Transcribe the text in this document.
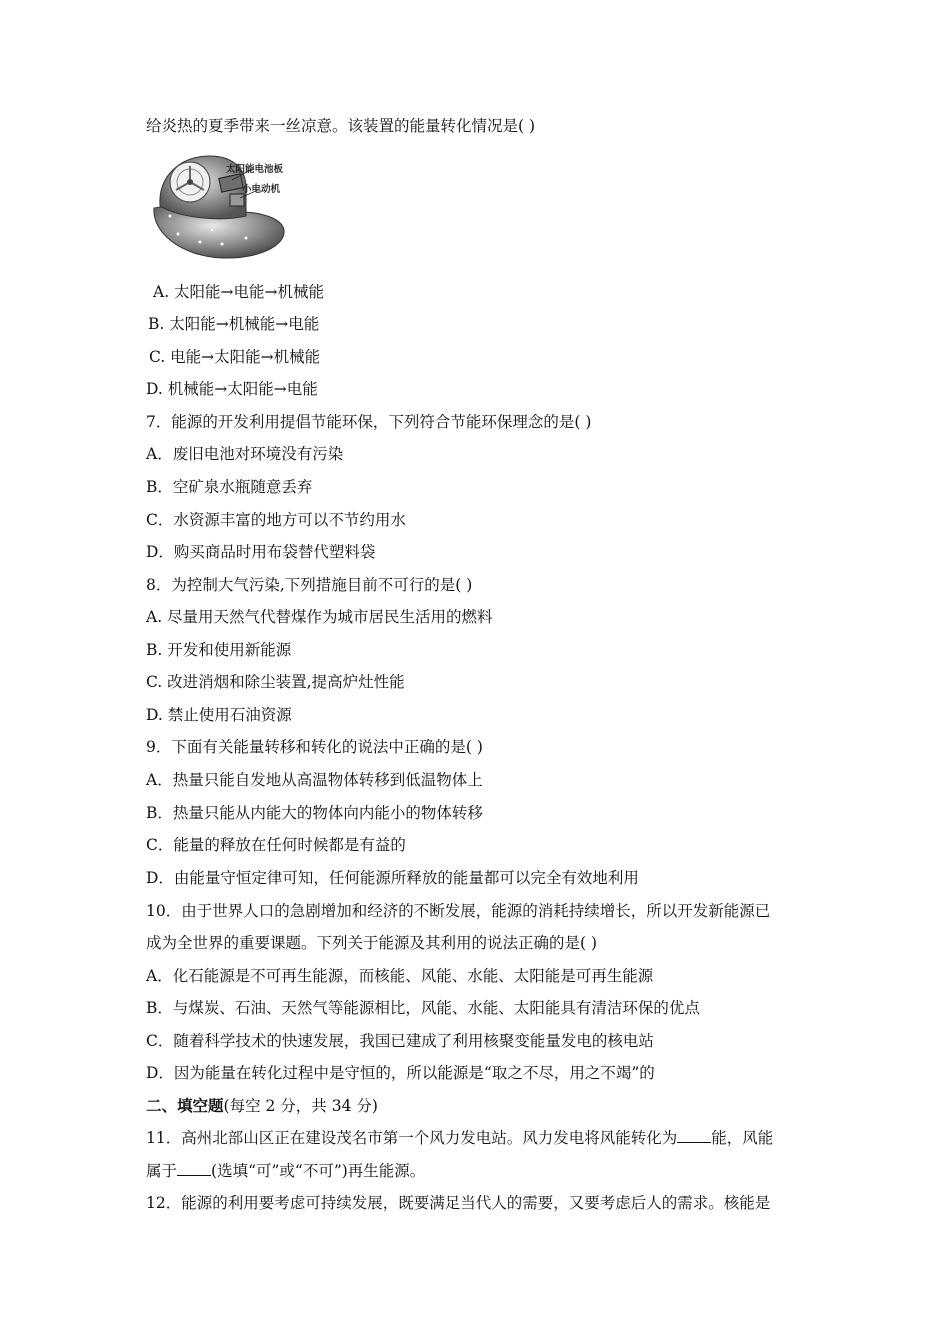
给炎热的夏季带来一丝凉意。该装置的能量转化情况是( )
太阳能电池板
小电动机
A. 太阳能→电能→机械能
B. 太阳能→机械能→电能
C. 电能→太阳能→机械能
D. 机械能→太阳能→电能
7．能源的开发利用提倡节能环保，下列符合节能环保理念的是( )
A．废旧电池对环境没有污染
B．空矿泉水瓶随意丢弃
C．水资源丰富的地方可以不节约用水
D．购买商品时用布袋替代塑料袋
8．为控制大气污染,下列措施目前不可行的是( )
A. 尽量用天然气代替煤作为城市居民生活用的燃料
B. 开发和使用新能源
C. 改进消烟和除尘装置,提高炉灶性能
D. 禁止使用石油资源
9．下面有关能量转移和转化的说法中正确的是( )
A．热量只能自发地从高温物体转移到低温物体上
B．热量只能从内能大的物体向内能小的物体转移
C．能量的释放在任何时候都是有益的
D．由能量守恒定律可知，任何能源所释放的能量都可以完全有效地利用
10．由于世界人口的急剧增加和经济的不断发展，能源的消耗持续增长，所以开发新能源已
成为全世界的重要课题。下列关于能源及其利用的说法正确的是( )
A．化石能源是不可再生能源，而核能、风能、水能、太阳能是可再生能源
B．与煤炭、石油、天然气等能源相比，风能、水能、太阳能具有清洁环保的优点
C．随着科学技术的快速发展，我国已建成了利用核聚变能量发电的核电站
D．因为能量在转化过程中是守恒的，所以能源是“取之不尽，用之不竭”的
二、填空题(每空 2 分，共 34 分)
11．高州北部山区正在建设茂名市第一个风力发电站。风力发电将风能转化为 能，风能
属于 (选填“可”或“不可”)再生能源。
12．能源的利用要考虑可持续发展，既要满足当代人的需要，又要考虑后人的需求。核能是
